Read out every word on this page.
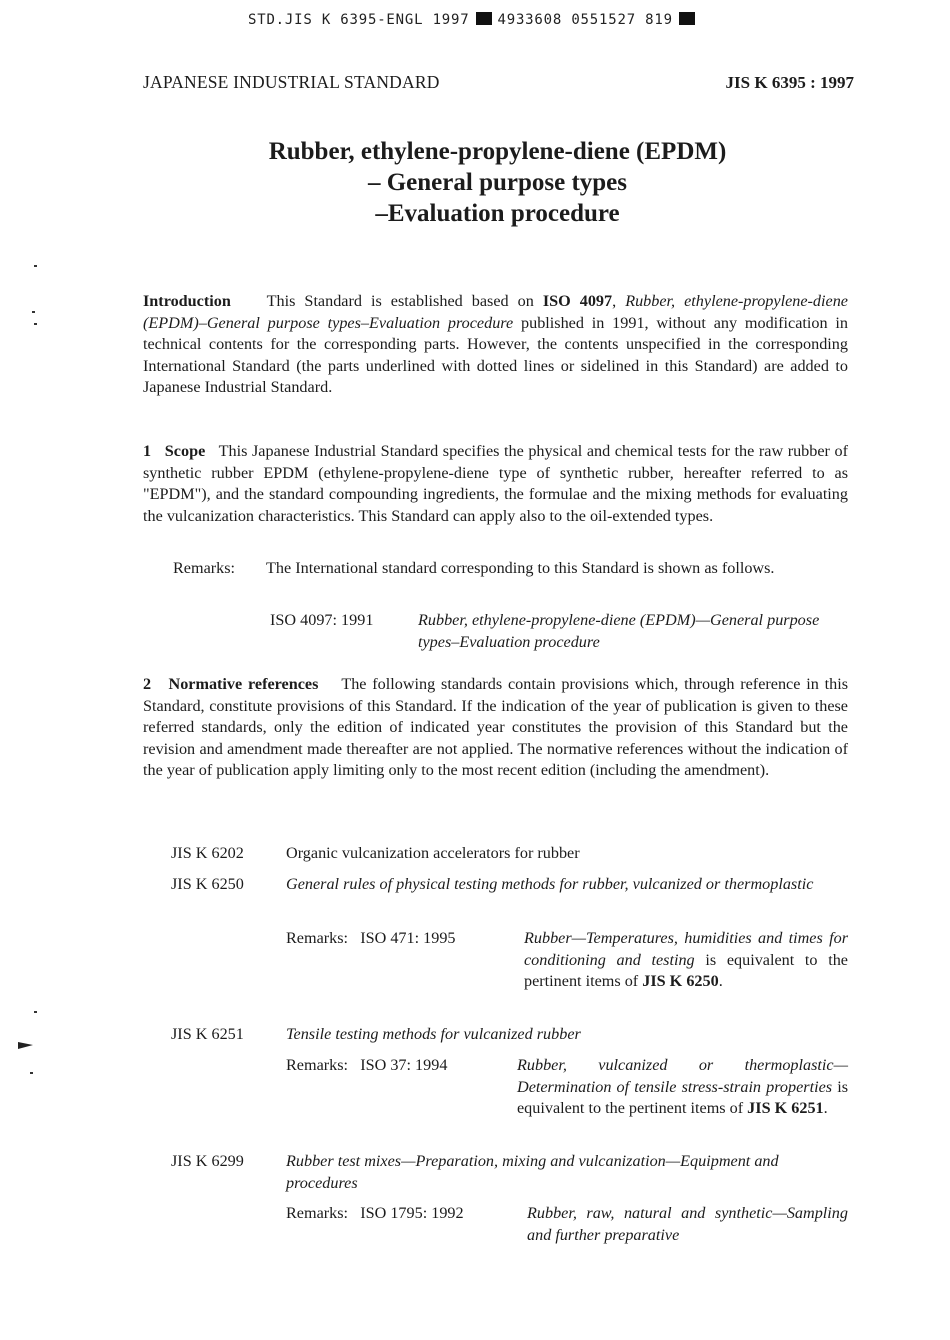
STD.JIS K 6395-ENGL 1997 4933608 0551527 819
JAPANESE INDUSTRIAL STANDARD	JIS K 6395 : 1997
Rubber, ethylene-propylene-diene (EPDM)
– General purpose types
–Evaluation procedure
Introduction This Standard is established based on ISO 4097, Rubber, ethylene-propylene-diene (EPDM)–General purpose types–Evaluation procedure published in 1991, without any modification in technical contents for the corresponding parts. However, the contents unspecified in the corresponding International Standard (the parts underlined with dotted lines or sidelined in this Standard) are added to Japanese Industrial Standard.
1 Scope This Japanese Industrial Standard specifies the physical and chemical tests for the raw rubber of synthetic rubber EPDM (ethylene-propylene-diene type of synthetic rubber, hereafter referred to as "EPDM"), and the standard compounding ingredients, the formulae and the mixing methods for evaluating the vulcanization characteristics. This Standard can apply also to the oil-extended types.
Remarks:	The International standard corresponding to this Standard is shown as follows.
ISO 4097: 1991	Rubber, ethylene-propylene-diene (EPDM)—General purpose types–Evaluation procedure
2 Normative references The following standards contain provisions which, through reference in this Standard, constitute provisions of this Standard. If the indication of the year of publication is given to these referred standards, only the edition of indicated year constitutes the provision of this Standard but the revision and amendment made thereafter are not applied. The normative references without the indication of the year of publication apply limiting only to the most recent edition (including the amendment).
JIS K 6202	Organic vulcanization accelerators for rubber
JIS K 6250	General rules of physical testing methods for rubber, vulcanized or thermoplastic
Remarks: ISO 471: 1995	Rubber—Temperatures, humidities and times for conditioning and testing is equivalent to the pertinent items of JIS K 6250.
JIS K 6251	Tensile testing methods for vulcanized rubber
Remarks: ISO 37: 1994	Rubber, vulcanized or thermoplastic—Determination of tensile stress-strain properties is equivalent to the pertinent items of JIS K 6251.
JIS K 6299	Rubber test mixes—Preparation, mixing and vulcanization—Equipment and procedures
Remarks: ISO 1795: 1992	Rubber, raw, natural and synthetic—Sampling and further preparative
